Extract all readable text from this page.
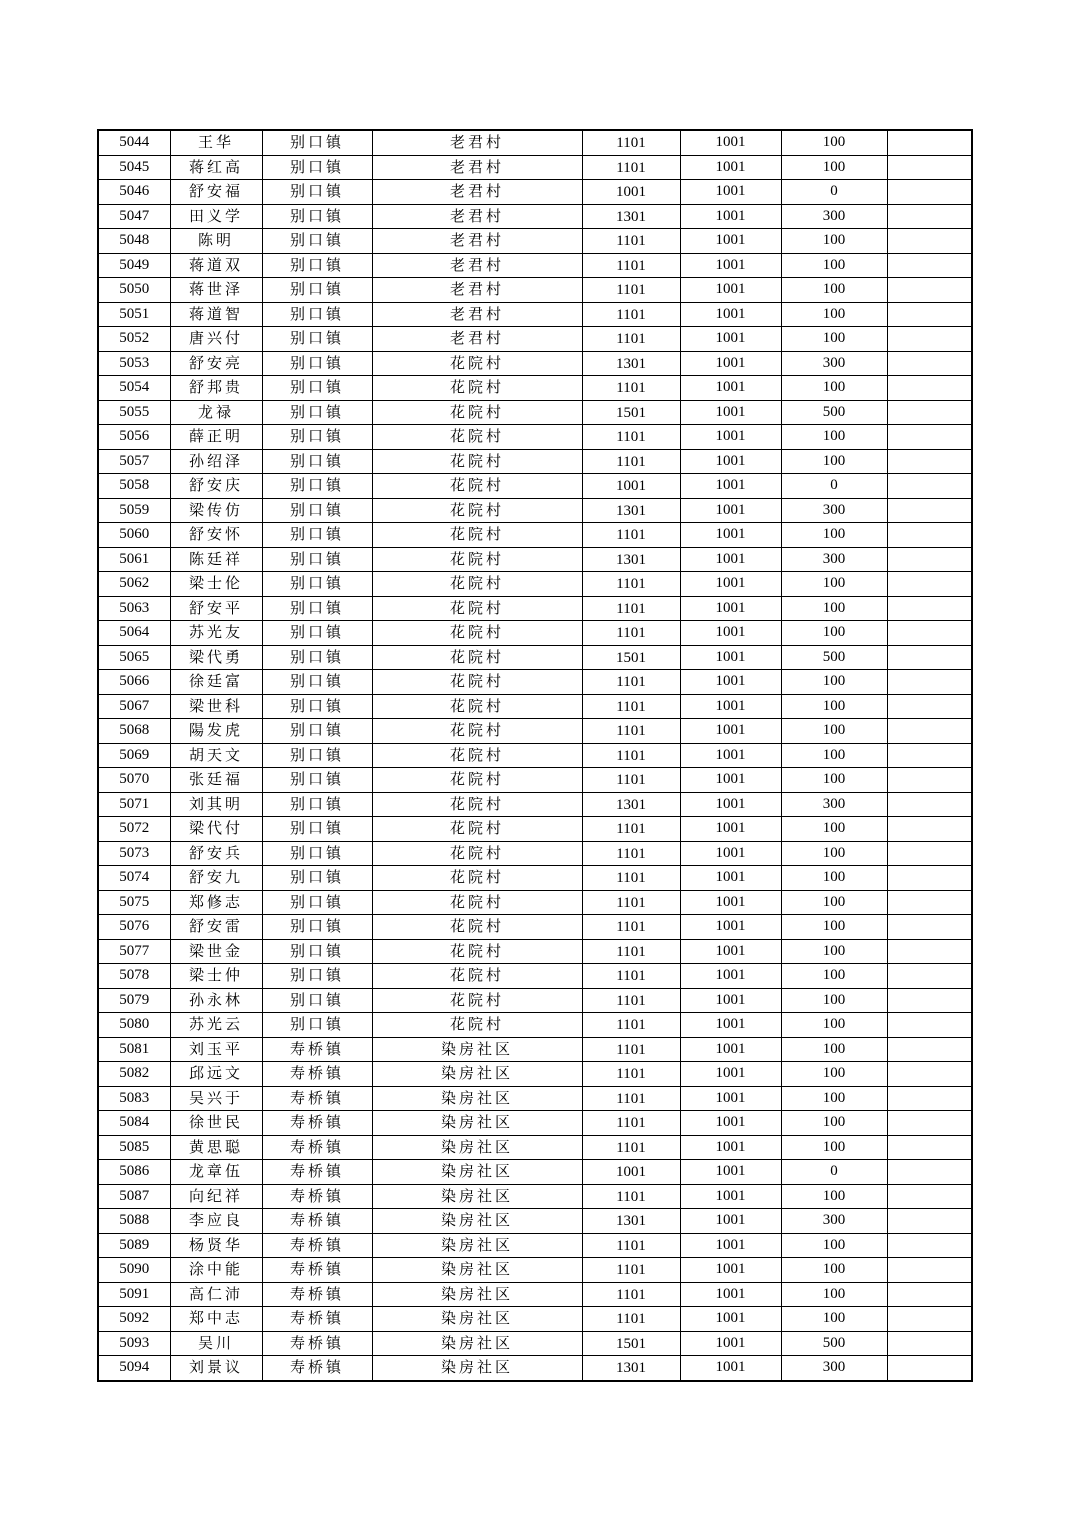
5044	王华	别口镇	老君村	1101	1001	100	
5045	蒋红高	别口镇	老君村	1101	1001	100	
5046	舒安福	别口镇	老君村	1001	1001	0	
5047	田义学	别口镇	老君村	1301	1001	300	
5048	陈明	别口镇	老君村	1101	1001	100	
5049	蒋道双	别口镇	老君村	1101	1001	100	
5050	蒋世泽	别口镇	老君村	1101	1001	100	
5051	蒋道智	别口镇	老君村	1101	1001	100	
5052	唐兴付	别口镇	老君村	1101	1001	100	
5053	舒安亮	别口镇	花院村	1301	1001	300	
5054	舒邦贵	别口镇	花院村	1101	1001	100	
5055	龙禄	别口镇	花院村	1501	1001	500	
5056	薛正明	别口镇	花院村	1101	1001	100	
5057	孙绍泽	别口镇	花院村	1101	1001	100	
5058	舒安庆	别口镇	花院村	1001	1001	0	
5059	梁传仿	别口镇	花院村	1301	1001	300	
5060	舒安怀	别口镇	花院村	1101	1001	100	
5061	陈廷祥	别口镇	花院村	1301	1001	300	
5062	梁士伦	别口镇	花院村	1101	1001	100	
5063	舒安平	别口镇	花院村	1101	1001	100	
5064	苏光友	别口镇	花院村	1101	1001	100	
5065	梁代勇	别口镇	花院村	1501	1001	500	
5066	徐廷富	别口镇	花院村	1101	1001	100	
5067	梁世科	别口镇	花院村	1101	1001	100	
5068	陽发虎	别口镇	花院村	1101	1001	100	
5069	胡天文	别口镇	花院村	1101	1001	100	
5070	张廷福	别口镇	花院村	1101	1001	100	
5071	刘其明	别口镇	花院村	1301	1001	300	
5072	梁代付	别口镇	花院村	1101	1001	100	
5073	舒安兵	别口镇	花院村	1101	1001	100	
5074	舒安九	别口镇	花院村	1101	1001	100	
5075	郑修志	别口镇	花院村	1101	1001	100	
5076	舒安雷	别口镇	花院村	1101	1001	100	
5077	梁世金	别口镇	花院村	1101	1001	100	
5078	梁士仲	别口镇	花院村	1101	1001	100	
5079	孙永林	别口镇	花院村	1101	1001	100	
5080	苏光云	别口镇	花院村	1101	1001	100	
5081	刘玉平	寿桥镇	染房社区	1101	1001	100	
5082	邱远文	寿桥镇	染房社区	1101	1001	100	
5083	吴兴于	寿桥镇	染房社区	1101	1001	100	
5084	徐世民	寿桥镇	染房社区	1101	1001	100	
5085	黄思聪	寿桥镇	染房社区	1101	1001	100	
5086	龙章伍	寿桥镇	染房社区	1001	1001	0	
5087	向纪祥	寿桥镇	染房社区	1101	1001	100	
5088	李应良	寿桥镇	染房社区	1301	1001	300	
5089	杨贤华	寿桥镇	染房社区	1101	1001	100	
5090	涂中能	寿桥镇	染房社区	1101	1001	100	
5091	高仁沛	寿桥镇	染房社区	1101	1001	100	
5092	郑中志	寿桥镇	染房社区	1101	1001	100	
5093	吴川	寿桥镇	染房社区	1501	1001	500	
5094	刘景议	寿桥镇	染房社区	1301	1001	300	
